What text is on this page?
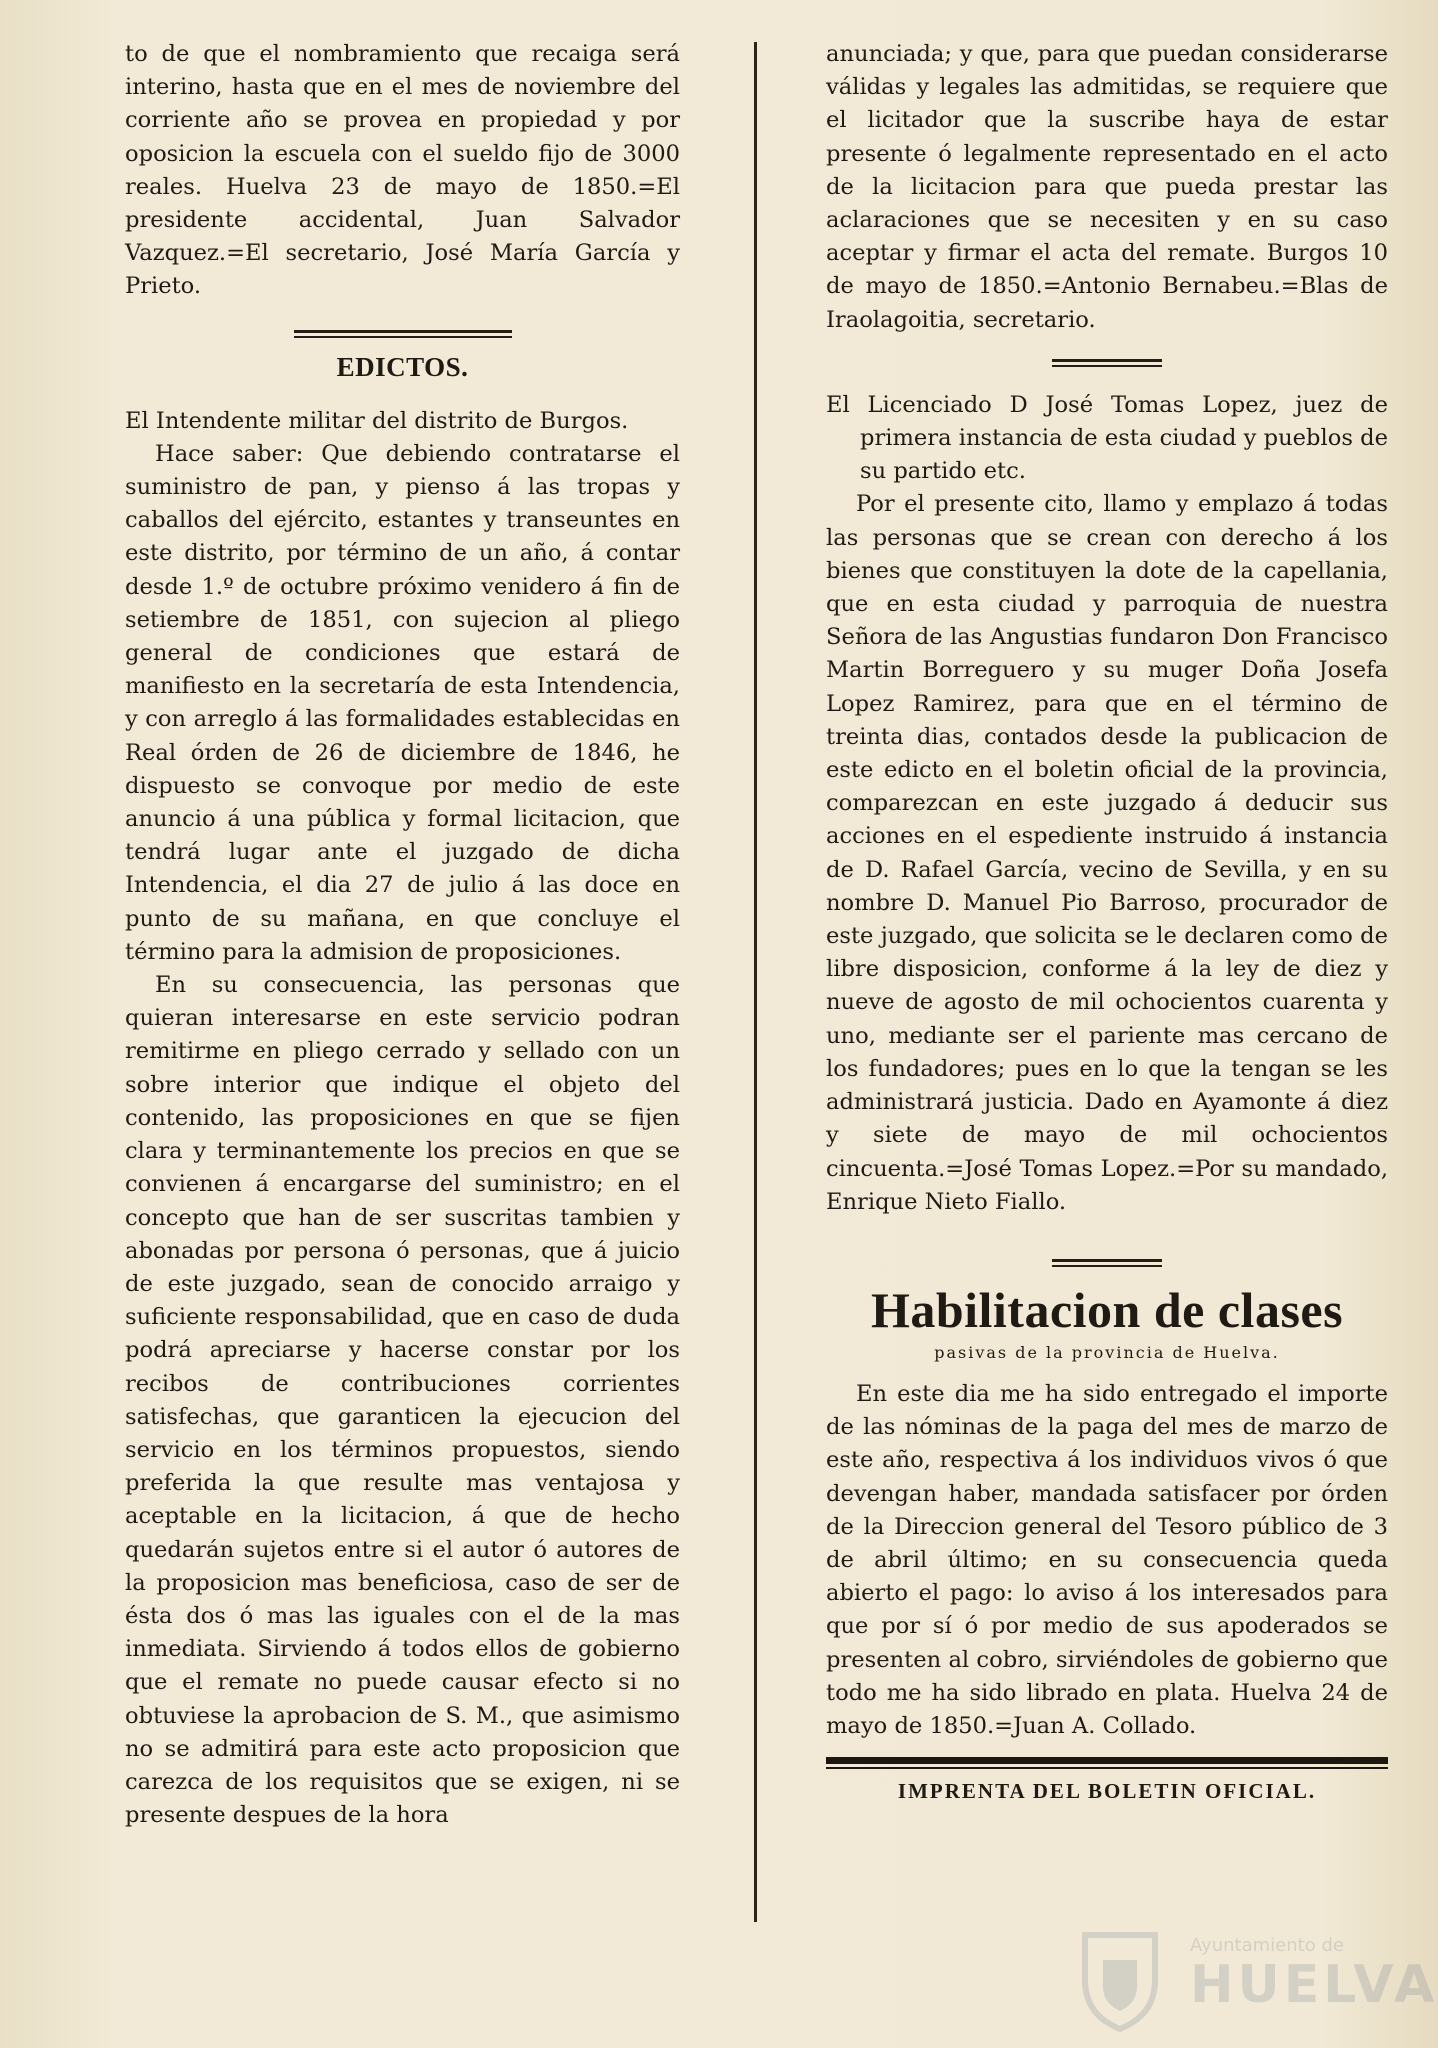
to de que el nombramiento que recaiga será interino, hasta que en el mes de noviembre del corriente año se provea en propiedad y por oposicion la escuela con el sueldo fijo de 3000 reales. Huelva 23 de mayo de 1850.=El presidente accidental, Juan Salvador Vazquez.=El secretario, José María García y Prieto.

EDICTOS.

El Intendente militar del distrito de Burgos.

Hace saber: Que debiendo contratarse el suministro de pan, y pienso á las tropas y caballos del ejército, estantes y transeuntes en este distrito, por término de un año, á contar desde 1.º de octubre próximo venidero á fin de setiembre de 1851, con sujecion al pliego general de condiciones que estará de manifiesto en la secretaría de esta Intendencia, y con arreglo á las formalidades establecidas en Real órden de 26 de diciembre de 1846, he dispuesto se convoque por medio de este anuncio á una pública y formal licitacion, que tendrá lugar ante el juzgado de dicha Intendencia, el dia 27 de julio á las doce en punto de su mañana, en que concluye el término para la admision de proposiciones.

En su consecuencia, las personas que quieran interesarse en este servicio podran remitirme en pliego cerrado y sellado con un sobre interior que indique el objeto del contenido, las proposiciones en que se fijen clara y terminantemente los precios en que se convienen á encargarse del suministro; en el concepto que han de ser suscritas tambien y abonadas por persona ó personas, que á juicio de este juzgado, sean de conocido arraigo y suficiente responsabilidad, que en caso de duda podrá apreciarse y hacerse constar por los recibos de contribuciones corrientes satisfechas, que garanticen la ejecucion del servicio en los términos propuestos, siendo preferida la que resulte mas ventajosa y aceptable en la licitacion, á que de hecho quedarán sujetos entre si el autor ó autores de la proposicion mas beneficiosa, caso de ser de ésta dos ó mas las iguales con el de la mas inmediata. Sirviendo á todos ellos de gobierno que el remate no puede causar efecto si no obtuviese la aprobacion de S. M., que asimismo no se admitirá para este acto proposicion que carezca de los requisitos que se exigen, ni se presente despues de la hora

anunciada; y que, para que puedan considerarse válidas y legales las admitidas, se requiere que el licitador que la suscribe haya de estar presente ó legalmente representado en el acto de la licitacion para que pueda prestar las aclaraciones que se necesiten y en su caso aceptar y firmar el acta del remate. Burgos 10 de mayo de 1850.=Antonio Bernabeu.=Blas de Iraolagoitia, secretario.

El Licenciado D José Tomas Lopez, juez de primera instancia de esta ciudad y pueblos de su partido etc.

Por el presente cito, llamo y emplazo á todas las personas que se crean con derecho á los bienes que constituyen la dote de la capellania, que en esta ciudad y parroquia de nuestra Señora de las Angustias fundaron Don Francisco Martin Borreguero y su muger Doña Josefa Lopez Ramirez, para que en el término de treinta dias, contados desde la publicacion de este edicto en el boletin oficial de la provincia, comparezcan en este juzgado á deducir sus acciones en el espediente instruido á instancia de D. Rafael García, vecino de Sevilla, y en su nombre D. Manuel Pio Barroso, procurador de este juzgado, que solicita se le declaren como de libre disposicion, conforme á la ley de diez y nueve de agosto de mil ochocientos cuarenta y uno, mediante ser el pariente mas cercano de los fundadores; pues en lo que la tengan se les administrará justicia. Dado en Ayamonte á diez y siete de mayo de mil ochocientos cincuenta.=José Tomas Lopez.=Por su mandado, Enrique Nieto Fiallo.

Habilitacion de clases
pasivas de la provincia de Huelva.

En este dia me ha sido entregado el importe de las nóminas de la paga del mes de marzo de este año, respectiva á los individuos vivos ó que devengan haber, mandada satisfacer por órden de la Direccion general del Tesoro público de 3 de abril último; en su consecuencia queda abierto el pago: lo aviso á los interesados para que por sí ó por medio de sus apoderados se presenten al cobro, sirviéndoles de gobierno que todo me ha sido librado en plata. Huelva 24 de mayo de 1850.=Juan A. Collado.

IMPRENTA DEL BOLETIN OFICIAL.
Ayuntamiento de
HUELVA
